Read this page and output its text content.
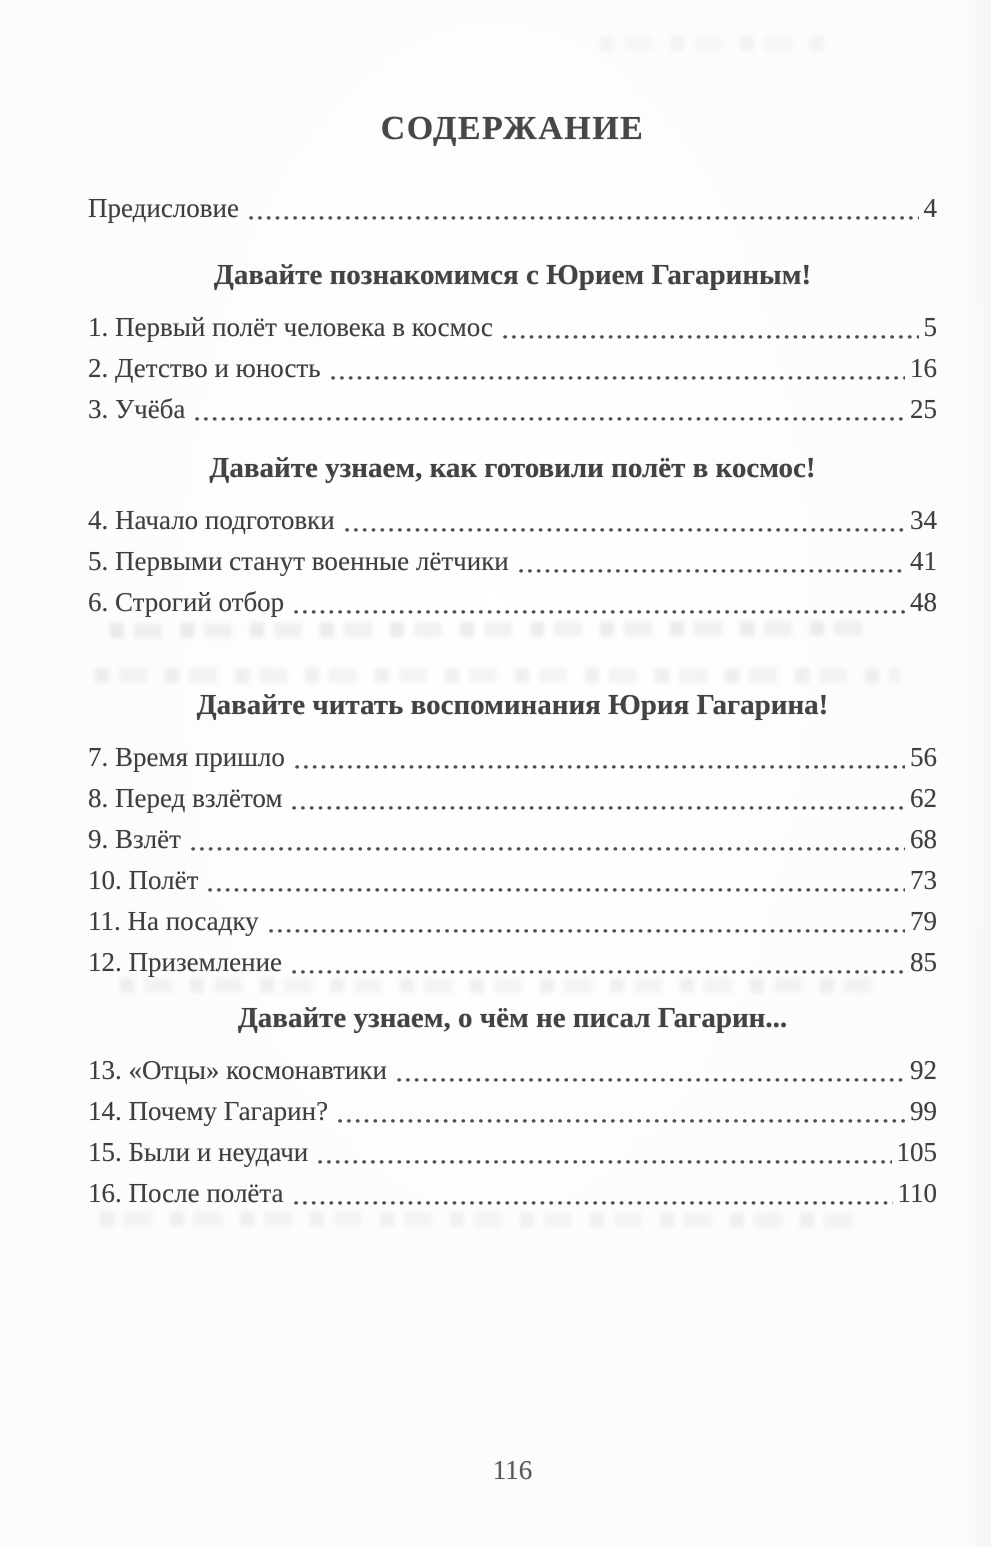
СОДЕРЖАНИЕ
Предисловие	4
Давайте познакомимся с Юрием Гагариным!
1. Первый полёт человека в космос	5
2. Детство и юность	16
3. Учёба	25
Давайте узнаем, как готовили полёт в космос!
4. Начало подготовки	34
5. Первыми станут военные лётчики	41
6. Строгий отбор	48
Давайте читать воспоминания Юрия Гагарина!
7. Время пришло	56
8. Перед взлётом	62
9. Взлёт	68
10. Полёт	73
11. На посадку	79
12. Приземление	85
Давайте узнаем, о чём не писал Гагарин...
13. «Отцы» космонавтики	92
14. Почему Гагарин?	99
15. Были и неудачи	105
16. После полёта	110
116
